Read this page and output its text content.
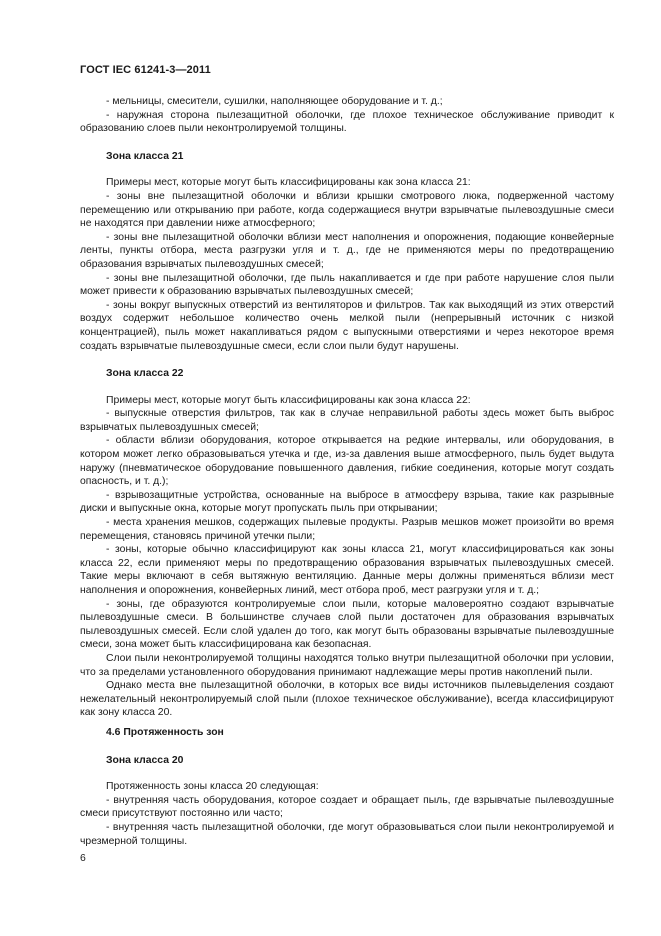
ГОСТ IEC 61241-3—2011

- мельницы, смесители, сушилки, наполняющее оборудование и т. д.;

- наружная сторона пылезащитной оболочки, где плохое техническое обслуживание приводит к образованию слоев пыли неконтролируемой толщины.

Зона класса 21

Примеры мест, которые могут быть классифицированы как зона класса 21:

- зоны вне пылезащитной оболочки и вблизи крышки смотрового люка, подверженной частому перемещению или открыванию при работе, когда содержащиеся внутри взрывчатые пылевоздушные смеси не находятся при давлении ниже атмосферного;

- зоны вне пылезащитной оболочки вблизи мест наполнения и опорожнения, подающие конвейерные ленты, пункты отбора, места разгрузки угля и т. д., где не применяются меры по предотвращению образования взрывчатых пылевоздушных смесей;

- зоны вне пылезащитной оболочки, где пыль накапливается и где при работе нарушение слоя пыли может привести к образованию взрывчатых пылевоздушных смесей;

- зоны вокруг выпускных отверстий из вентиляторов и фильтров. Так как выходящий из этих отверстий воздух содержит небольшое количество очень мелкой пыли (непрерывный источник с низкой концентрацией), пыль может накапливаться рядом с выпускными отверстиями и через некоторое время создать взрывчатые пылевоздушные смеси, если слои пыли будут нарушены.

Зона класса 22

Примеры мест, которые могут быть классифицированы как зона класса 22:

- выпускные отверстия фильтров, так как в случае неправильной работы здесь может быть выброс взрывчатых пылевоздушных смесей;

- области вблизи оборудования, которое открывается на редкие интервалы, или оборудования, в котором может легко образовываться утечка и где, из-за давления выше атмосферного, пыль будет выдута наружу (пневматическое оборудование повышенного давления, гибкие соединения, которые могут создать опасность, и т. д.);

- взрывозащитные устройства, основанные на выбросе в атмосферу взрыва, такие как разрывные диски и выпускные окна, которые могут пропускать пыль при открывании;

- места хранения мешков, содержащих пылевые продукты. Разрыв мешков может произойти во время перемещения, становясь причиной утечки пыли;

- зоны, которые обычно классифицируют как зоны класса 21, могут классифицироваться как зоны класса 22, если применяют меры по предотвращению образования взрывчатых пылевоздушных смесей. Такие меры включают в себя вытяжную вентиляцию. Данные меры должны применяться вблизи мест наполнения и опорожнения, конвейерных линий, мест отбора проб, мест разгрузки угля и т. д.;

- зоны, где образуются контролируемые слои пыли, которые маловероятно создают взрывчатые пылевоздушные смеси. В большинстве случаев слой пыли достаточен для образования взрывчатых пылевоздушных смесей. Если слой удален до того, как могут быть образованы взрывчатые пылевоздушные смеси, зона может быть классифицирована как безопасная.

Слои пыли неконтролируемой толщины находятся только внутри пылезащитной оболочки при условии, что за пределами установленного оборудования принимают надлежащие меры против накоплений пыли.

Однако места вне пылезащитной оболочки, в которых все виды источников пылевыделения создают нежелательный неконтролируемый слой пыли (плохое техническое обслуживание), всегда классифицируют как зону класса 20.

4.6 Протяженность зон
Зона класса 20

Протяженность зоны класса 20 следующая:

- внутренняя часть оборудования, которое создает и обращает пыль, где взрывчатые пылевоздушные смеси присутствуют постоянно или часто;

- внутренняя часть пылезащитной оболочки, где могут образовываться слои пыли неконтролируемой и чрезмерной толщины.

6
